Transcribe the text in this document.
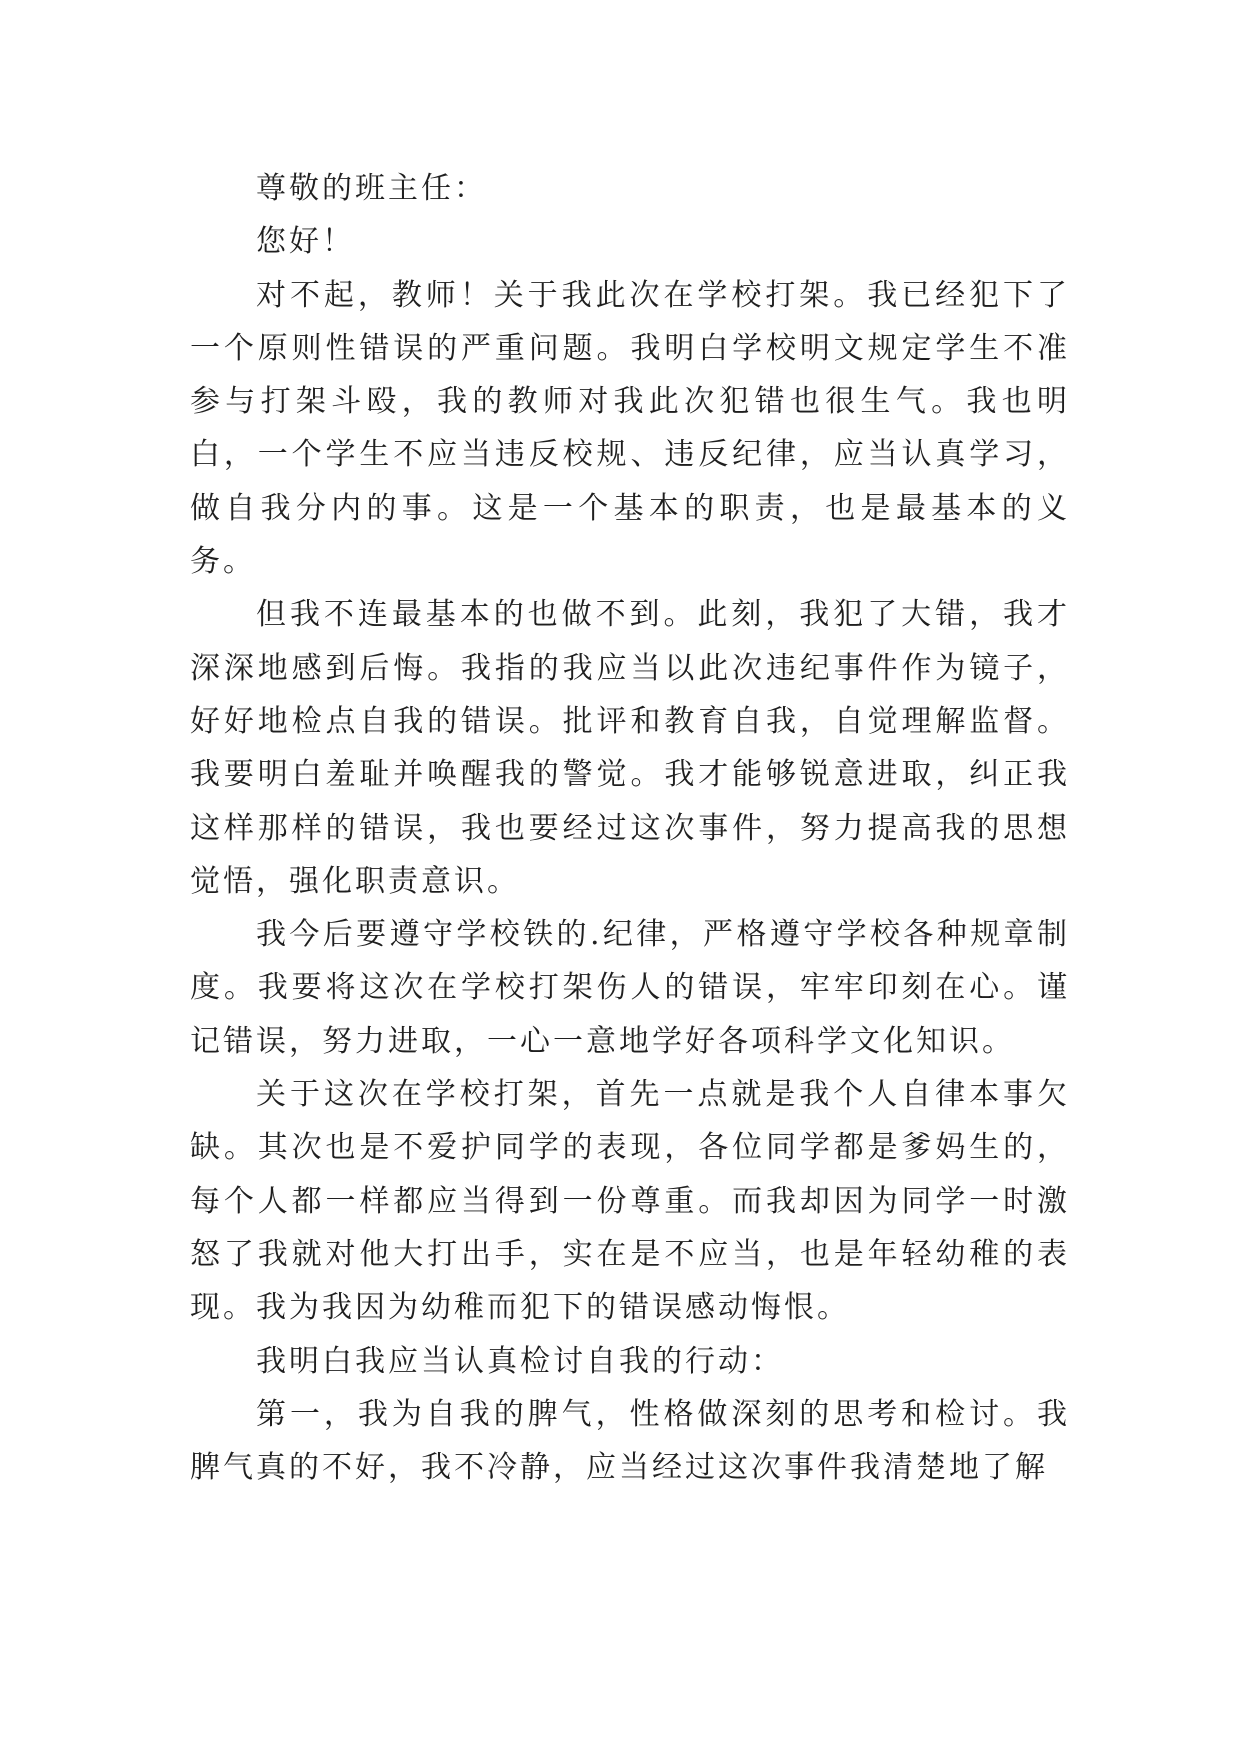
尊敬的班主任：

您好！

对不起，教师！关于我此次在学校打架。我已经犯下了一个原则性错误的严重问题。我明白学校明文规定学生不准参与打架斗殴，我的教师对我此次犯错也很生气。我也明白，一个学生不应当违反校规、违反纪律，应当认真学习，做自我分内的事。这是一个基本的职责，也是最基本的义务。

但我不连最基本的也做不到。此刻，我犯了大错，我才深深地感到后悔。我指的我应当以此次违纪事件作为镜子，好好地检点自我的错误。批评和教育自我，自觉理解监督。我要明白羞耻并唤醒我的警觉。我才能够锐意进取，纠正我这样那样的错误，我也要经过这次事件，努力提高我的思想觉悟，强化职责意识。

我今后要遵守学校铁的.纪律，严格遵守学校各种规章制度。我要将这次在学校打架伤人的错误，牢牢印刻在心。谨记错误，努力进取，一心一意地学好各项科学文化知识。

关于这次在学校打架，首先一点就是我个人自律本事欠缺。其次也是不爱护同学的表现，各位同学都是爹妈生的，每个人都一样都应当得到一份尊重。而我却因为同学一时激怒了我就对他大打出手，实在是不应当，也是年轻幼稚的表现。我为我因为幼稚而犯下的错误感动悔恨。

我明白我应当认真检讨自我的行动：

第一，我为自我的脾气，性格做深刻的思考和检讨。我脾气真的不好，我不冷静，应当经过这次事件我清楚地了解
